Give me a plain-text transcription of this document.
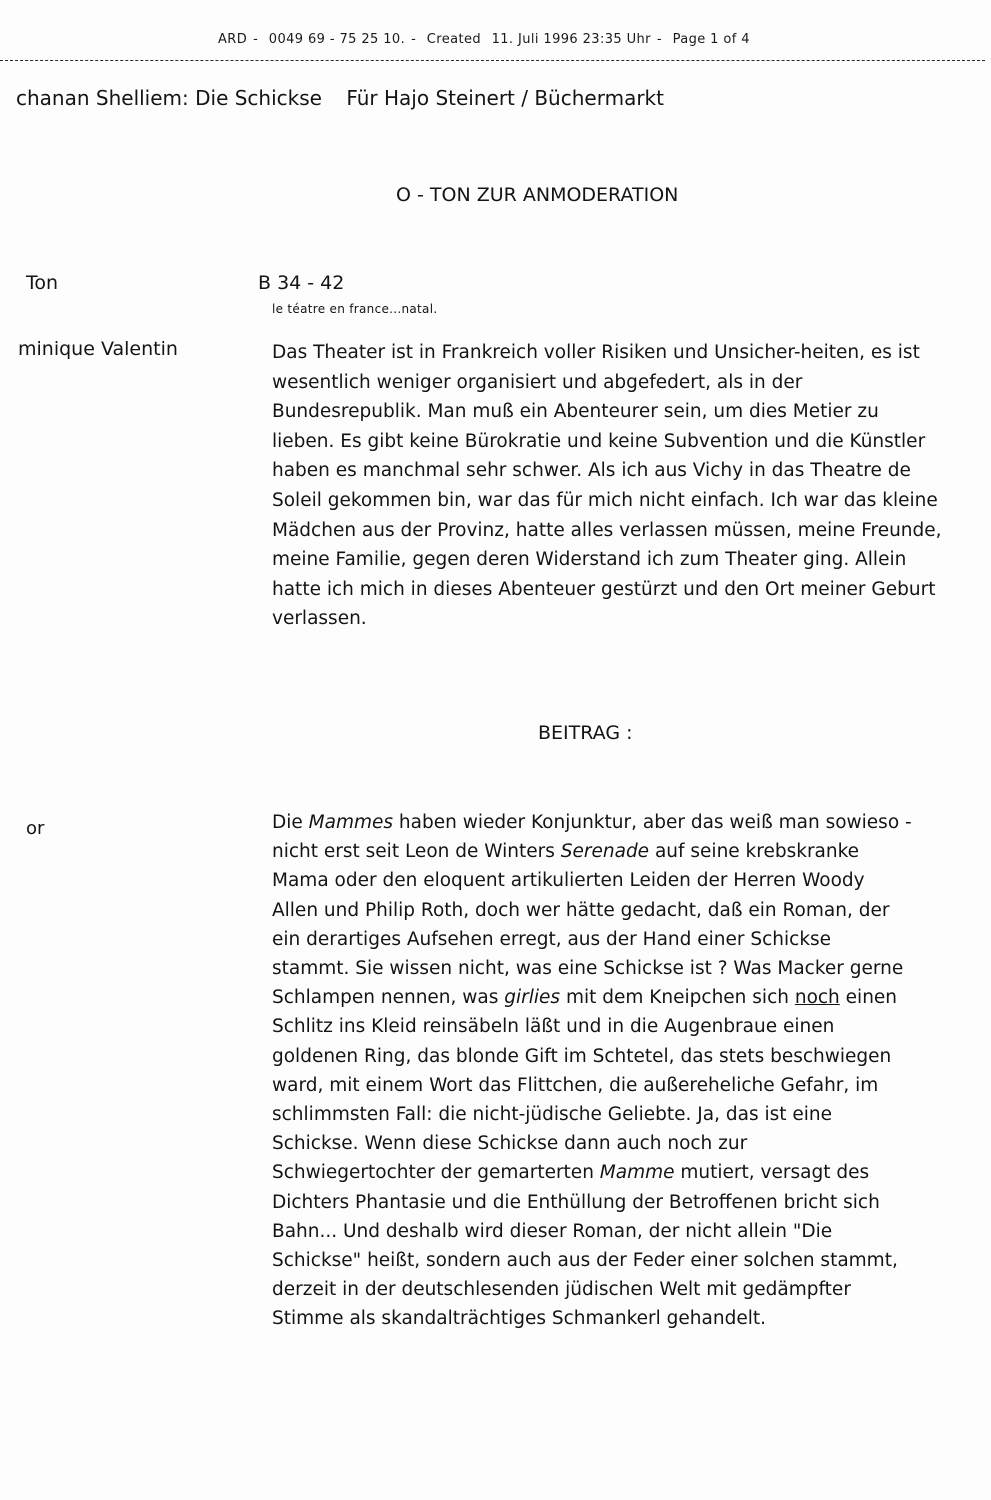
ARD - 0049 69 - 75 25 10. - Created 11. Juli 1996 23:35 Uhr - Page 1 of 4
chanan Shelliem: Die Schickse Für Hajo Steinert / Büchermarkt
O - TON ZUR ANMODERATION
Ton	B 34 - 42
le téatre en france...natal.
minique Valentin	Das Theater ist in Frankreich voller Risiken und Unsicher-heiten, es ist wesentlich weniger organisiert und abgefedert, als in der Bundesrepublik. Man muß ein Abenteurer sein, um dies Metier zu lieben. Es gibt keine Bürokratie und keine Subvention und die Künstler haben es manchmal sehr schwer. Als ich aus Vichy in das Theatre de Soleil gekommen bin, war das für mich nicht einfach. Ich war das kleine Mädchen aus der Provinz, hatte alles verlassen müssen, meine Freunde, meine Familie, gegen deren Widerstand ich zum Theater ging. Allein hatte ich mich in dieses Abenteuer gestürzt und den Ort meiner Geburt verlassen.

BEITRAG :
or	Die Mammes haben wieder Konjunktur, aber das weiß man sowieso - nicht erst seit Leon de Winters Serenade auf seine krebskranke Mama oder den eloquent artikulierten Leiden der Herren Woody Allen und Philip Roth, doch wer hätte gedacht, daß ein Roman, der ein derartiges Aufsehen erregt, aus der Hand einer Schickse stammt. Sie wissen nicht, was eine Schickse ist ? Was Macker gerne Schlampen nennen, was girlies mit dem Kneipchen sich noch einen Schlitz ins Kleid reinsäbeln läßt und in die Augenbraue einen goldenen Ring, das blonde Gift im Schtetel, das stets beschwiegen ward, mit einem Wort das Flittchen, die außereheliche Gefahr, im schlimmsten Fall: die nicht-jüdische Geliebte. Ja, das ist eine Schickse. Wenn diese Schickse dann auch noch zur Schwiegertochter der gemarterten Mamme mutiert, versagt des Dichters Phantasie und die Enthüllung der Betroffenen bricht sich Bahn... Und deshalb wird dieser Roman, der nicht allein "Die Schickse" heißt, sondern auch aus der Feder einer solchen stammt, derzeit in der deutschlesenden jüdischen Welt mit gedämpfter Stimme als skandalträchtiges Schmankerl gehandelt.
